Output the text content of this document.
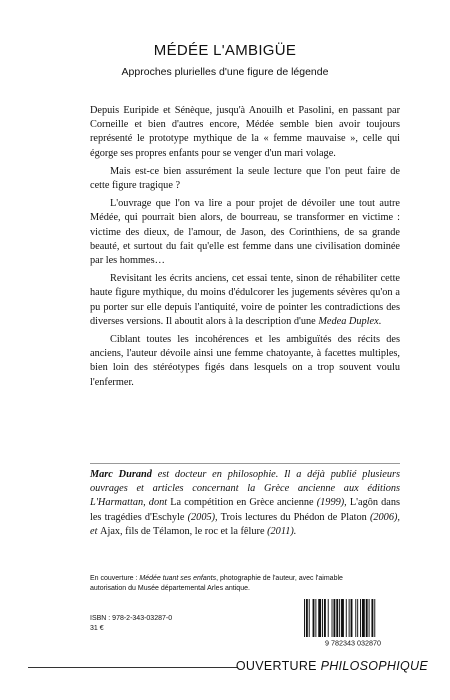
MÉDÉE L'AMBIGÜE
Approches plurielles d'une figure de légende

Depuis Euripide et Sénèque, jusqu'à Anouilh et Pasolini, en passant par Corneille et bien d'autres encore, Médée semble bien avoir toujours représenté le prototype mythique de la « femme mauvaise », celle qui égorge ses propres enfants pour se venger d'un mari volage.

Mais est-ce bien assurément la seule lecture que l'on peut faire de cette figure tragique ?

L'ouvrage que l'on va lire a pour projet de dévoiler une tout autre Médée, qui pourrait bien alors, de bourreau, se transformer en victime : victime des dieux, de l'amour, de Jason, des Corinthiens, de sa grande beauté, et surtout du fait qu'elle est femme dans une civilisation dominée par les hommes…

Revisitant les écrits anciens, cet essai tente, sinon de réhabiliter cette haute figure mythique, du moins d'édulcorer les jugements sévères qu'on a pu porter sur elle depuis l'antiquité, voire de pointer les contradictions des diverses versions. Il aboutit alors à la description d'une Medea Duplex.

Ciblant toutes les incohérences et les ambiguïtés des récits des anciens, l'auteur dévoile ainsi une femme chatoyante, à facettes multiples, bien loin des stéréotypes figés dans lesquels on a trop souvent voulu l'enfermer.

Marc Durand est docteur en philosophie. Il a déjà publié plusieurs ouvrages et articles concernant la Grèce ancienne aux éditions L'Harmattan, dont La compétition en Grèce ancienne (1999), L'agôn dans les tragédies d'Eschyle (2005), Trois lectures du Phédon de Platon (2006), et Ajax, fils de Télamon, le roc et la fêlure (2011).
En couverture : Médée tuant ses enfants, photographie de l'auteur, avec l'aimable autorisation du Musée départemental Arles antique.
ISBN : 978-2-343-03287-0
31 €
9 782343 032870
OUVERTURE PHILOSOPHIQUE
